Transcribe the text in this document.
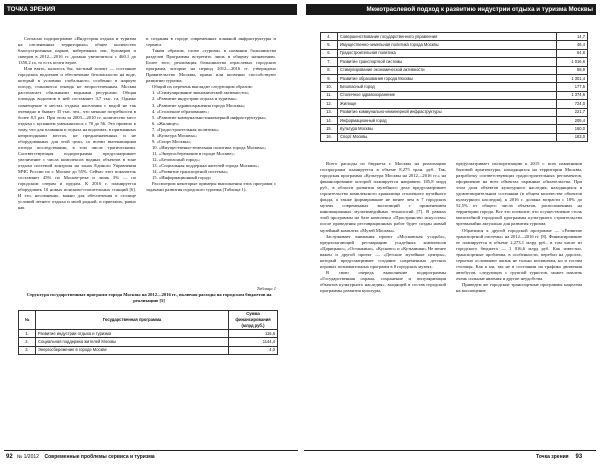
ТОЧКА ЗРЕНИЯ

Согласно подпрограмме «Индустрия отдыха и туризма на озелененных территориях» общее количество благоустроенных парков, набережных зон, бульваров и скверов в 2012—2016 гг. должно увеличиться с 460,1 до 1350,2 га, то есть почти втрое.

Или взять, казалось бы, частный аспект — состояние городских водоемов и обеспечение безопасности на воде, который в условиях глобального, особенно в жаркую погоду, становится отнюдь не второстепенным. Москва располагает обильными водными ресурсами. Общая площадь водоемов в ней составляет 3,7 тыс. га. Однако совмещение в местах отдыха населения с водой не так очевидно и бывает 35 тыс. чел., что меньше потребности в более 8,5 раз. При этом за 2003—2010 гг. количество мест отдыха с купанием уменьшилось с 70 до 56. Это привело к тому, что для плавания и отдыха на водоемах, в признанных непригодными местах, не предназначенных и не оборудованных для этой цели, со всеми вытекающими отсюда последствиями, в том числе трагическими. Соответствующая подпрограмма предусматривает увеличение с числа комплексов водных объектов в зоне отдыха системой контроля на зонах Единого Управления МЧС России по г. Москве до 55%. Сейчас этот показатель составляет 45% по Москве-реке и лишь 3% — по городским озерам и прудам. К 2016 г. планируется оборудовать 10 новых поисково-спасательных станций [6]. И это, несомненно, важно для обеспечения в столице условий летнего отдыха и моей родной, и приезжих, равно как

и создания в городе современных пляжной инфраструктуры и сервиса.

Таким образом, слово «туризм» в названии большинства разделов Программы встретить лишь в общему назначению. Более того, реализация большинства отраслевых городских программ, которые на период 2012—2016 гг. утверждено Правительство Москвы, прямо или косвенно способствуют развитию туризма.

Общий их перечень выглядит следующим образом:

1. «Стимулирование экономической активности»;

2. «Развитие индустрии отдыха и туризма»;

3. «Развитие здравоохранения города Москвы»;

4. «Столичное образование»;

5. «Развитие коммунально-инженерной инфраструктуры»;

6. «Жилище»;

7. «Градостроительная политика»;

8. «Культура Москвы»;

9. «Спорт Москвы»;

10. «Имущественно-земельная политика города Москвы»;

11. «Энергосбережение в городе Москве»;

12. «Безопасный город»;

13. «Социальная поддержка жителей города Москвы»;

14. «Развитие транспортной системы»;

15. «Информационный город»

Рассмотрим некоторые примеры выполнения этих программ с задачами развития городского туризма (Таблица 1).

Таблица 1
Структура государственных программ города Москвы на 2012—2016 гг., включая расходы на городском бюджетов на реализацию [5]
№	Государственная программа	Сумма финансирования (млрд руб.)
1.	Развитие индустрии отдыха и туризма	116,6
2.	Социальная поддержка жителей Москвы	1144,4
3.	Энергосбережение в городе Москве	4,0
92 № 1/2012 Современные проблемы сервиса и туризма
Межотраслевой подход к развитию индустрии отдыха и туризма Москвы
4.	Совершенствование государственного управления	14,7
5.	Имущественно-земельная политика города Москвы	46,4
6.	Градостроительная политика	64,8
7.	Развитие транспортной системы	1 016,6
8.	Стимулирование экономической активности	58,9
9.	Развитие образования города Москвы	1 301,4
10.	Безопасный город	177,5
11.	Столичное здравоохранение	1 374,6
12.	Жилище	724,0
13.	Развитие коммунально-инженерной инфраструктуры	221,7
14.	Информационный город	205,4
15.	Культура Москвы	160,0
16.	Спорт Москвы	183,0

Всего расходы из бюджета г. Москвы на реализацию госпрограмм планируется в объеме 8,275 трлн. руб. Так, городская программа «Культура Москвы на 2012—2016 гг.» на финансирование которой планируется направить 185,8 млрд руб., в области развития музейного дела предусматривает строительство комплексного хранилища столичного музейного фонда, а также формирование не менее чем в 7 городских музеях современных экспозиций с применением инновационных мультимедийных технологий [7]. В рамках этой программы на базе комплекса «Пространство искусства» после проведения реставрационных работ будет создан новый музейный комплекс «Музей Москвы».

Заслуживает внимания проект «Московская усадьба», предполагающий реставрацию усадебных комплексов «Царицыно», «Останкино», «Кусково» и «Кузьминки» Не менее важен и другой проект — «Детские музейные центры», который предусматривает создание современных детских игровых познавательных программ в 8 городских музеях.

В свою очередь выполнение подпрограммы «Государственная охрана, сохранение и популяризация объектов культурного наследия», входящей в состав городской программы развития культуры,

предусматривает паспортизацию к 2015 г. всех памятников бытовой архитектуры, находящихся на территории Москвы, разработку соответствующих градостроительных регламентов, оформление на всех объектах охранные обязательства. При этом доля объектов культурного наследия, находящихся в удовлетворительном состоянии (в общем количестве объектов культурного наследия), к 2016 г. должна возрасти с 18% до 52,5% от общего числа объектов, расположенных на территории города. Все это позволит, что осуществление столь масштабной городской программы культурного строительства чрезвычайно актуально для развития туризма.

Обратимся к другой городской программе — «Развитие транспортной системы» на 2012—2016 гг. [8]. Финансирование ее планируется в объеме 2,273,1 млрд руб., в том числе из городского бюджета — 1 016,6 млрд руб. Как известно, транспортные проблемы, в особенности, перебои на дорогах, серьезно осложняют жизнь не только москвичам, но и гостям столицы. Как к ни, так не в состоянии на трафика движения автобусов, следующих с группой туристов, может повлечь очень сильные явления и другие неудобства.

Приведем же городские транспортные программы нацелена на воплощение

Точка зрения 93
